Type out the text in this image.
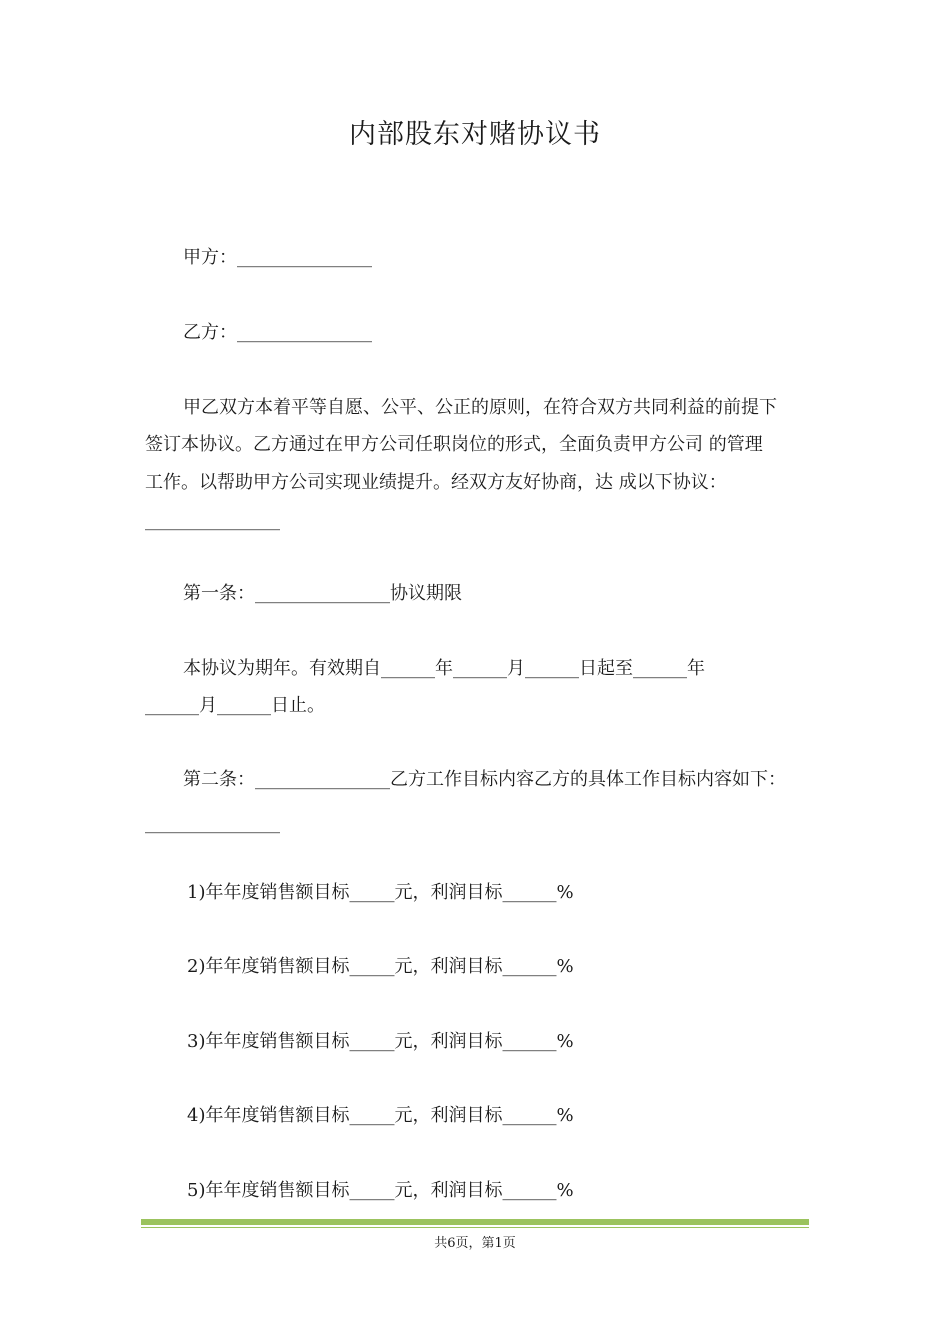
内部股东对赌协议书
甲方：_______________
乙方：_______________
甲乙双方本着平等自愿、公平、公正的原则，在符合双方共同利益的前提下
签订本协议。乙方通过在甲方公司任职岗位的形式，全面负责甲方公司 的管理
工作。以帮助甲方公司实现业绩提升。经双方友好协商，达 成以下协议：
_______________
第一条：_______________协议期限
本协议为期年。有效期自______年______月______日起至______年
______月______日止。
第二条：_______________乙方工作目标内容乙方的具体工作目标内容如下：
_______________
1)年年度销售额目标_____元，利润目标______%
2)年年度销售额目标_____元，利润目标______%
3)年年度销售额目标_____元，利润目标______%
4)年年度销售额目标_____元，利润目标______%
5)年年度销售额目标_____元，利润目标______%
共6页，第1页
